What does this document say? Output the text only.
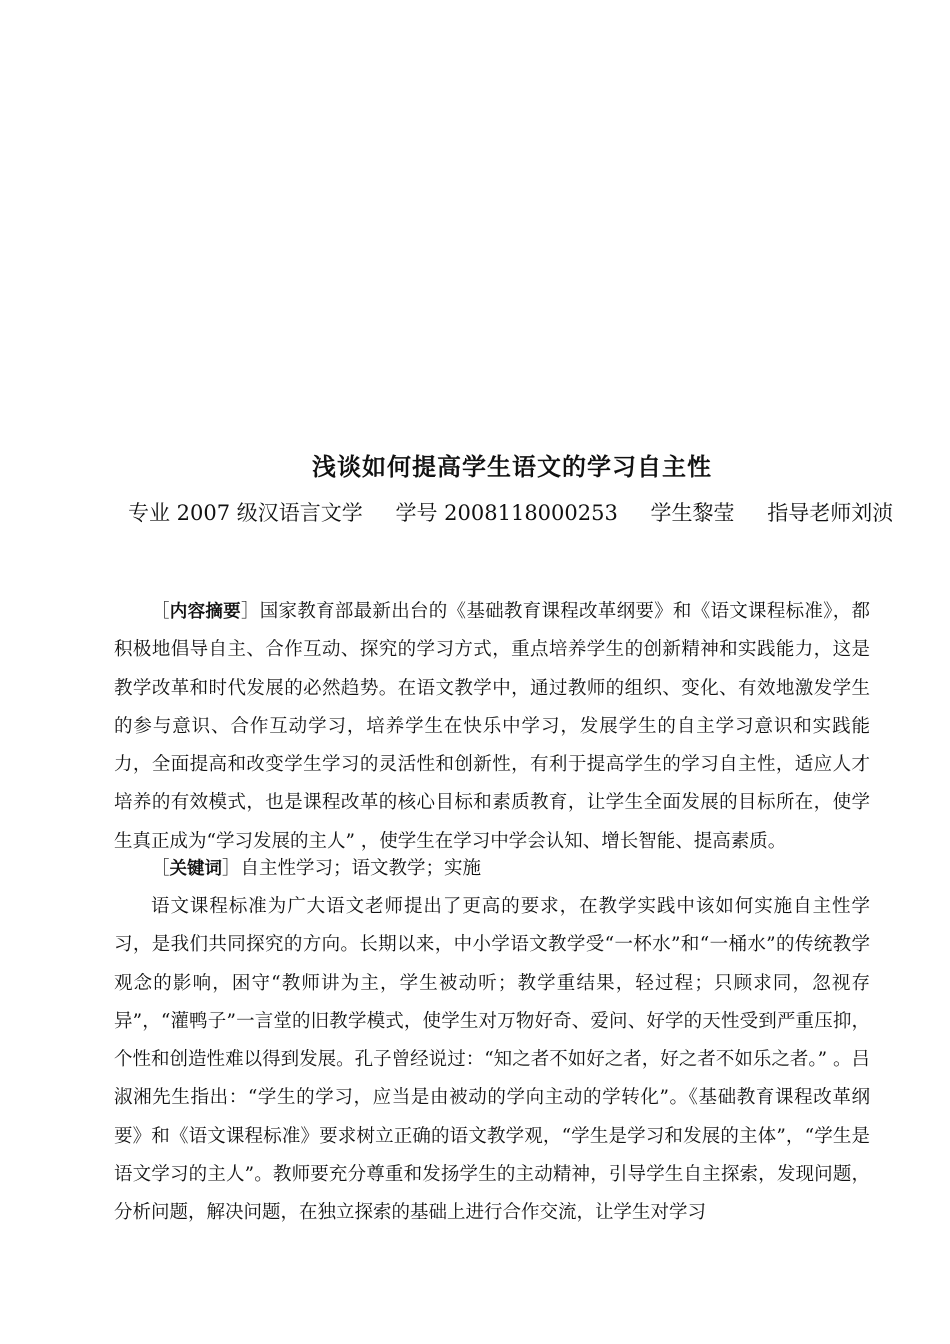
浅谈如何提高学生语文的学习自主性
专业 2007 级汉语言文学 学号 2008118000253 学生黎莹 指导老师刘浈

［内容摘要］国家教育部最新出台的《基础教育课程改革纲要》和《语文课程标准》，都积极地倡导自主、合作互动、探究的学习方式，重点培养学生的创新精神和实践能力，这是教学改革和时代发展的必然趋势。在语文教学中，通过教师的组织、变化、有效地激发学生的参与意识、合作互动学习，培养学生在快乐中学习，发展学生的自主学习意识和实践能力，全面提高和改变学生学习的灵活性和创新性，有利于提高学生的学习自主性，适应人才培养的有效模式，也是课程改革的核心目标和素质教育，让学生全面发展的目标所在，使学生真正成为“学习发展的主人” ，使学生在学习中学会认知、增长智能、提高素质。

［关键词］自主性学习；语文教学；实施

语文课程标准为广大语文老师提出了更高的要求，在教学实践中该如何实施自主性学习，是我们共同探究的方向。长期以来，中小学语文教学受“一杯水”和“一桶水”的传统教学观念的影响，困守“教师讲为主，学生被动听；教学重结果，轻过程；只顾求同，忽视存异”，“灌鸭子”一言堂的旧教学模式，使学生对万物好奇、爱问、好学的天性受到严重压抑，个性和创造性难以得到发展。孔子曾经说过：“知之者不如好之者，好之者不如乐之者。” 。吕淑湘先生指出：“学生的学习，应当是由被动的学向主动的学转化”。《基础教育课程改革纲要》和《语文课程标准》要求树立正确的语文教学观，“学生是学习和发展的主体”，“学生是语文学习的主人”。教师要充分尊重和发扬学生的主动精神，引导学生自主探索，发现问题，分析问题，解决问题，在独立探索的基础上进行合作交流，让学生对学习
